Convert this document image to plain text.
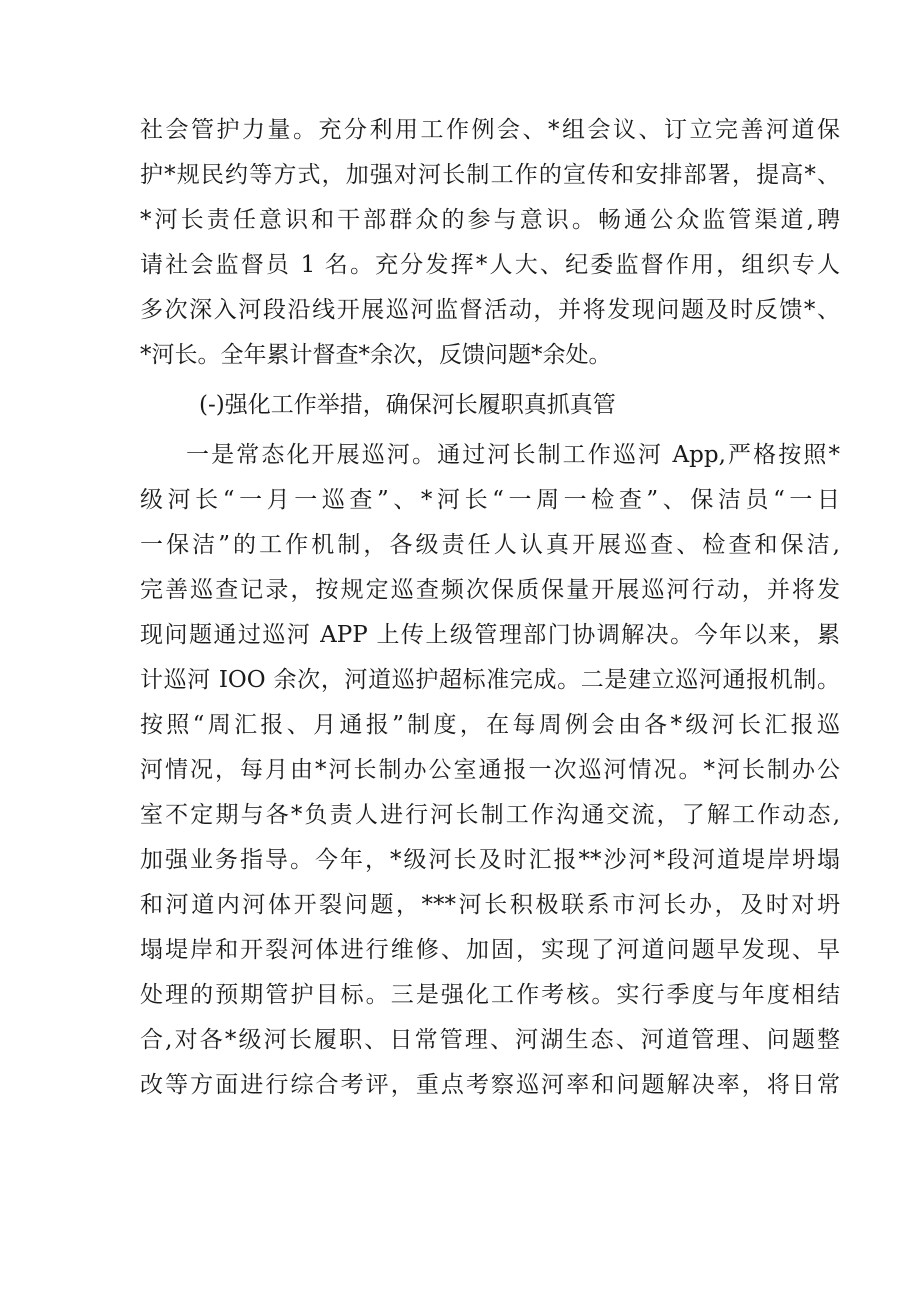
社会管护力量。充分利用工作例会、*组会议、订立完善河道保
护*规民约等方式，加强对河长制工作的宣传和安排部署，提高*、
*河长责任意识和干部群众的参与意识。畅通公众监管渠道,聘
请社会监督员 1 名。充分发挥*人大、纪委监督作用，组织专人
多次深入河段沿线开展巡河监督活动，并将发现问题及时反馈*、
*河长。全年累计督查*余次，反馈问题*余处。
(-)强化工作举措，确保河长履职真抓真管
一是常态化开展巡河。通过河长制工作巡河 App,严格按照*
级河长“一月一巡查”、*河长“一周一检查”、保洁员“一日
一保洁”的工作机制，各级责任人认真开展巡查、检查和保洁,
完善巡查记录，按规定巡查频次保质保量开展巡河行动，并将发
现问题通过巡河 APP 上传上级管理部门协调解决。今年以来，累
计巡河 IOO 余次，河道巡护超标准完成。二是建立巡河通报机制。
按照“周汇报、月通报”制度，在每周例会由各*级河长汇报巡
河情况，每月由*河长制办公室通报一次巡河情况。*河长制办公
室不定期与各*负责人进行河长制工作沟通交流，了解工作动态,
加强业务指导。今年，*级河长及时汇报**沙河*段河道堤岸坍塌
和河道内河体开裂问题，***河长积极联系市河长办，及时对坍
塌堤岸和开裂河体进行维修、加固，实现了河道问题早发现、早
处理的预期管护目标。三是强化工作考核。实行季度与年度相结
合,对各*级河长履职、日常管理、河湖生态、河道管理、问题整
改等方面进行综合考评，重点考察巡河率和问题解决率，将日常
